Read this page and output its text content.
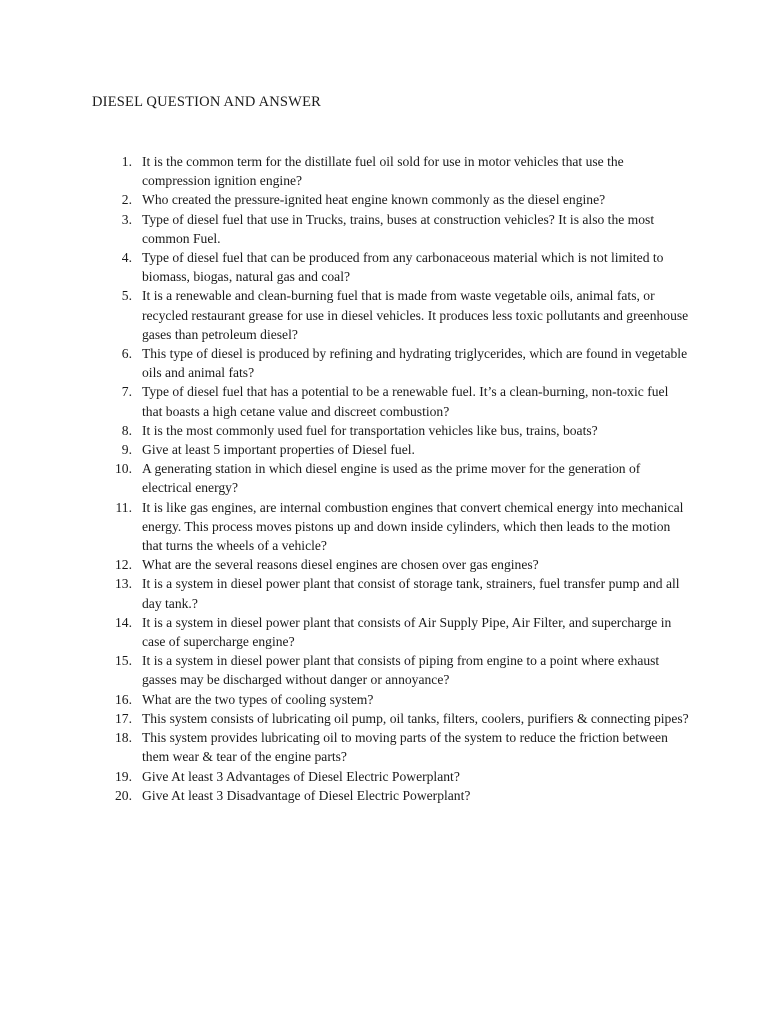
DIESEL QUESTION AND ANSWER
1. It is the common term for the distillate fuel oil sold for use in motor vehicles that use the compression ignition engine?
2. Who created the pressure-ignited heat engine known commonly as the diesel engine?
3. Type of diesel fuel that use in Trucks, trains, buses at construction vehicles? It is also the most common Fuel.
4. Type of diesel fuel that can be produced from any carbonaceous material which is not limited to biomass, biogas, natural gas and coal?
5. It is a renewable and clean-burning fuel that is made from waste vegetable oils, animal fats, or recycled restaurant grease for use in diesel vehicles. It produces less toxic pollutants and greenhouse gases than petroleum diesel?
6. This type of diesel is produced by refining and hydrating triglycerides, which are found in vegetable oils and animal fats?
7. Type of diesel fuel that has a potential to be a renewable fuel. It’s a clean-burning, non-toxic fuel that boasts a high cetane value and discreet combustion?
8. It is the most commonly used fuel for transportation vehicles like bus, trains, boats?
9. Give at least 5 important properties of Diesel fuel.
10. A generating station in which diesel engine is used as the prime mover for the generation of electrical energy?
11. It is like gas engines, are internal combustion engines that convert chemical energy into mechanical energy. This process moves pistons up and down inside cylinders, which then leads to the motion that turns the wheels of a vehicle?
12. What are the several reasons diesel engines are chosen over gas engines?
13. It is a system in diesel power plant that consist of storage tank, strainers, fuel transfer pump and all day tank.?
14. It is a system in diesel power plant that consists of Air Supply Pipe, Air Filter, and supercharge in case of supercharge engine?
15. It is a system in diesel power plant that consists of piping from engine to a point where exhaust gasses may be discharged without danger or annoyance?
16. What are the two types of cooling system?
17. This system consists of lubricating oil pump, oil tanks, filters, coolers, purifiers & connecting pipes?
18. This system provides lubricating oil to moving parts of the system to reduce the friction between them wear & tear of the engine parts?
19. Give At least 3 Advantages of Diesel Electric Powerplant?
20. Give At least 3 Disadvantage of Diesel Electric Powerplant?
